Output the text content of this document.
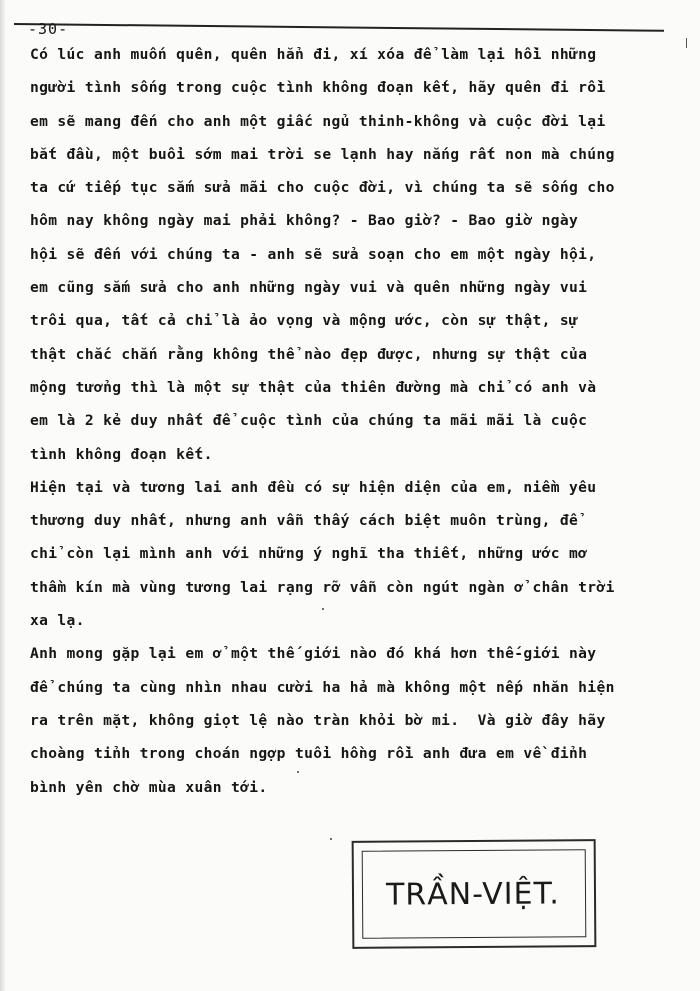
-30-

Có lúc anh muốn quên, quên hẳn đi, xí xóa để làm lại hồi những
người tình sống trong cuộc tình không đoạn kết, hãy quên đi rồi
em sẽ mang đến cho anh một giấc ngủ thinh-không và cuộc đời lại
bắt đầu, một buổi sớm mai trời se lạnh hay nắng rất non mà chúng
ta cứ tiếp tục sắm sửa mãi cho cuộc đời, vì chúng ta sẽ sống cho
hôm nay không ngày mai phải không? - Bao giờ? - Bao giờ ngày
hội sẽ đến với chúng ta - anh sẽ sửa soạn cho em một ngày hội,
em cũng sắm sửa cho anh những ngày vui và quên những ngày vui
trôi qua, tất cả chỉ là ảo vọng và mộng ước, còn sự thật, sự
thật chắc chắn rằng không thể nào đẹp được, nhưng sự thật của
mộng tưởng thì là một sự thật của thiên đường mà chỉ có anh và
em là 2 kẻ duy nhất để cuộc tình của chúng ta mãi mãi là cuộc
tình không đoạn kết.

Hiện tại và tương lai anh đều có sự hiện diện của em, niềm yêu
thương duy nhất, nhưng anh vẫn thấy cách biệt muôn trùng, để
chỉ còn lại mình anh với những ý nghĩ tha thiết, những ước mơ
thầm kín mà vùng tương lai rạng rỡ vẫn còn ngút ngàn ở chân trời
xa lạ.

Anh mong gặp lại em ở một thế giới nào đó khá hơn thế-giới này
để chúng ta cùng nhìn nhau cười ha hả mà không một nếp nhăn hiện
ra trên mặt, không giọt lệ nào tràn khỏi bờ mi.  Và giờ đây hãy
choàng tỉnh trong choán ngợp tuổi hồng rồi anh đưa em về đỉnh
bình yên chờ mùa xuân tới.

TRẦN-VIỆT.
